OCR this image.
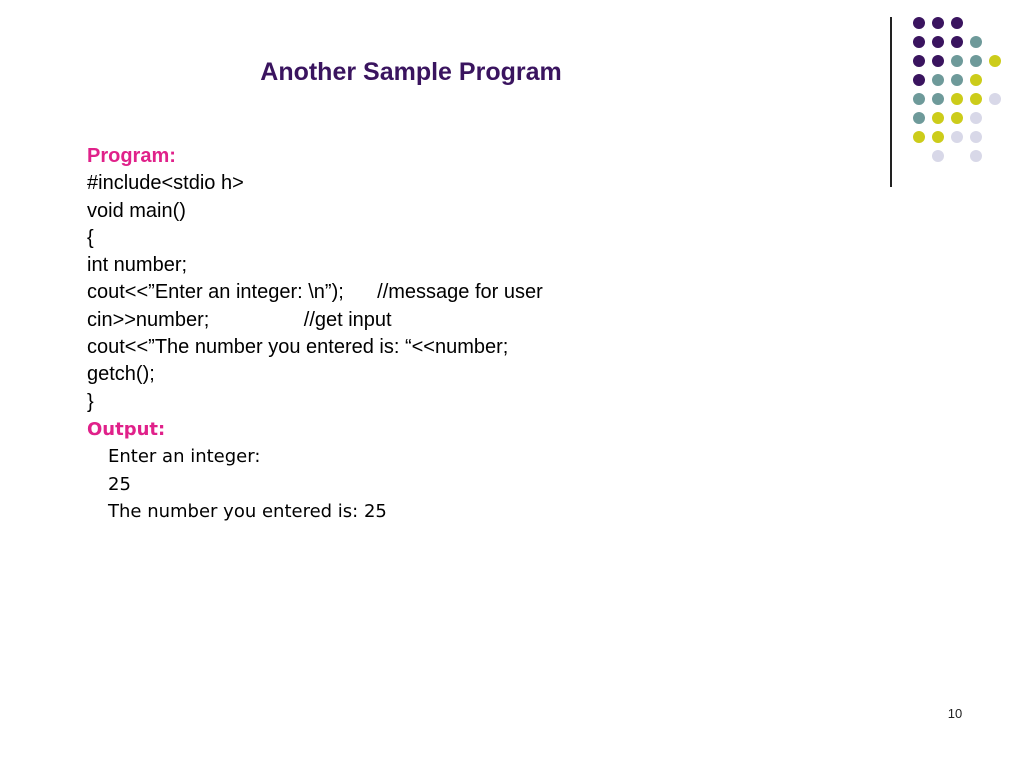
Another Sample Program
Program:
#include<stdio h>
void main()
{
int number;
cout<<”Enter an integer: \n”);      //message for user
cin>>number;                 //get input
cout<<”The number you entered is: “<<number;
getch();
}
Output:
Enter an integer:
25
The number you entered is: 25
10
